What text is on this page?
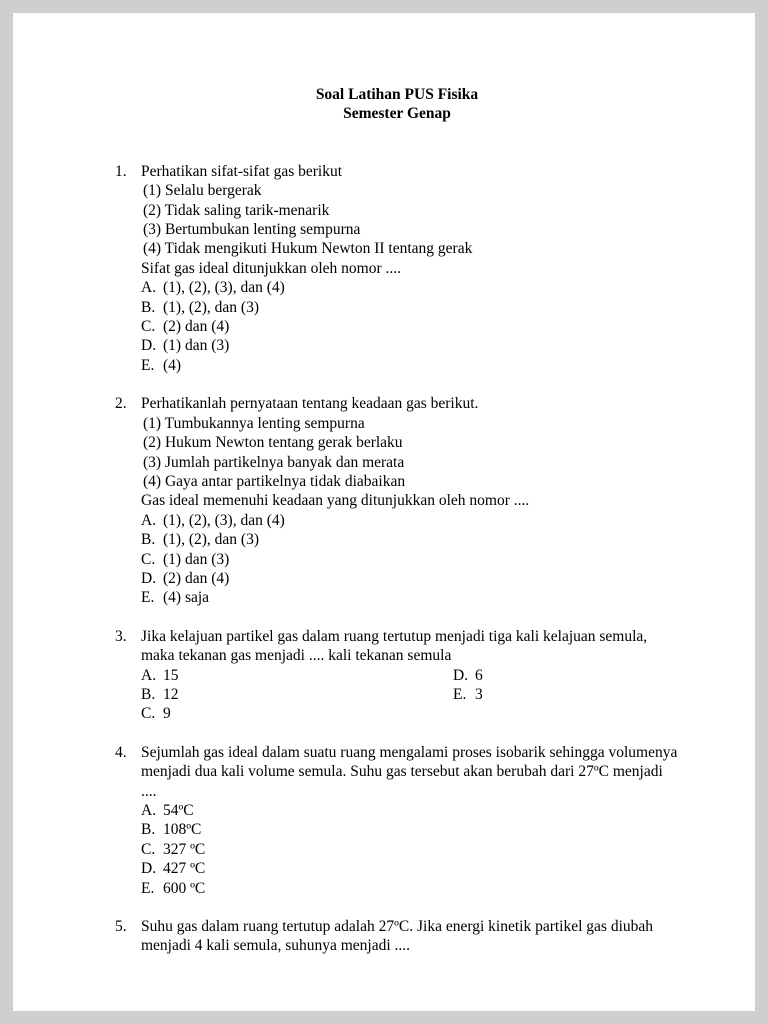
Soal Latihan PUS Fisika
Semester Genap
1. Perhatikan sifat-sifat gas berikut
(1) Selalu bergerak
(2) Tidak saling tarik-menarik
(3) Bertumbukan lenting sempurna
(4) Tidak mengikuti Hukum Newton II tentang gerak
Sifat gas ideal ditunjukkan oleh nomor ....
A. (1), (2), (3), dan (4)
B. (1), (2), dan (3)
C. (2) dan (4)
D. (1) dan (3)
E. (4)
2. Perhatikanlah pernyataan tentang keadaan gas berikut.
(1) Tumbukannya lenting sempurna
(2) Hukum Newton tentang gerak berlaku
(3) Jumlah partikelnya banyak dan merata
(4) Gaya antar partikelnya tidak diabaikan
Gas ideal memenuhi keadaan yang ditunjukkan oleh nomor ....
A. (1), (2), (3), dan (4)
B. (1), (2), dan (3)
C. (1) dan (3)
D. (2) dan (4)
E. (4) saja
3. Jika kelajuan partikel gas dalam ruang tertutup menjadi tiga kali kelajuan semula, maka tekanan gas menjadi .... kali tekanan semula
A. 15
B. 12
C. 9
D. 6
E. 3
4. Sejumlah gas ideal dalam suatu ruang mengalami proses isobarik sehingga volumenya menjadi dua kali volume semula. Suhu gas tersebut akan berubah dari 27ºC menjadi ....
A. 54ºC
B. 108ºC
C. 327 ºC
D. 427 ºC
E. 600 ºC
5. Suhu gas dalam ruang tertutup adalah 27ºC. Jika energi kinetik partikel gas diubah menjadi 4 kali semula, suhunya menjadi ....
